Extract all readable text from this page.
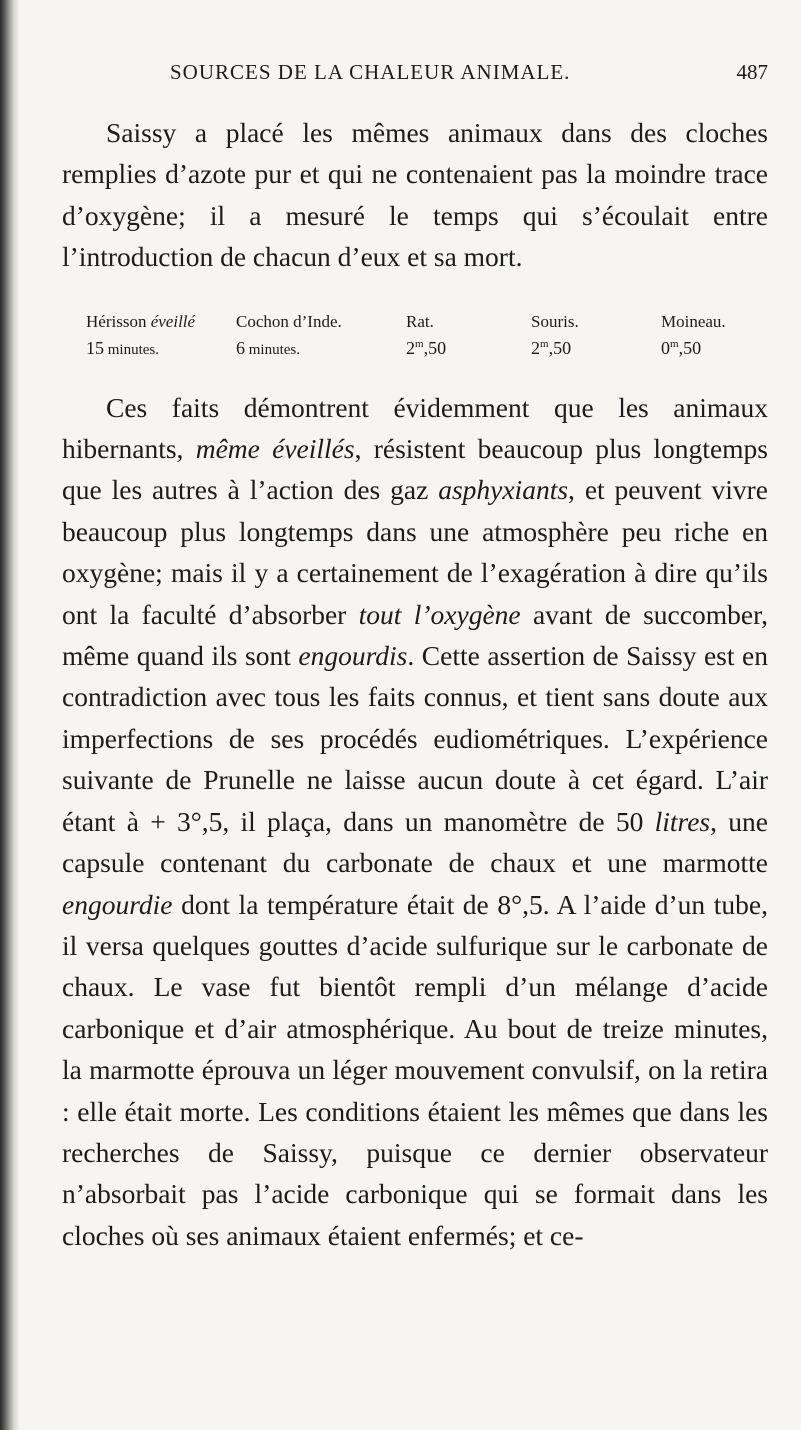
SOURCES DE LA CHALEUR ANIMALE.	487

Saissy a placé les mêmes animaux dans des cloches remplies d’azote pur et qui ne contenaient pas la moindre trace d’oxygène; il a mesuré le temps qui s’écoulait entre l’introduction de chacun d’eux et sa mort.

Hérisson éveillé	Cochon d’Inde.	Rat.	Souris.	Moineau.
15 minutes.	6 minutes.	2$^m$,50	2$^m$,50	0$^m$,50

Ces faits démontrent évidemment que les animaux hibernants, même éveillés, résistent beaucoup plus longtemps que les autres à l’action des gaz asphyxiants, et peuvent vivre beaucoup plus longtemps dans une atmosphère peu riche en oxygène; mais il y a certainement de l’exagération à dire qu’ils ont la faculté d’absorber tout l’oxygène avant de succomber, même quand ils sont engourdis. Cette assertion de Saissy est en contradiction avec tous les faits connus, et tient sans doute aux imperfections de ses procédés eudiométriques. L’expérience suivante de Prunelle ne laisse aucun doute à cet égard. L’air étant à + 3°,5, il plaça, dans un manomètre de 50 litres, une capsule contenant du carbonate de chaux et une marmotte engourdie dont la température était de 8°,5. A l’aide d’un tube, il versa quelques gouttes d’acide sulfurique sur le carbonate de chaux. Le vase fut bientôt rempli d’un mélange d’acide carbonique et d’air atmosphérique. Au bout de treize minutes, la marmotte éprouva un léger mouvement convulsif, on la retira : elle était morte. Les conditions étaient les mêmes que dans les recherches de Saissy, puisque ce dernier observateur n’absorbait pas l’acide carbonique qui se formait dans les cloches où ses animaux étaient enfermés; et ce-
